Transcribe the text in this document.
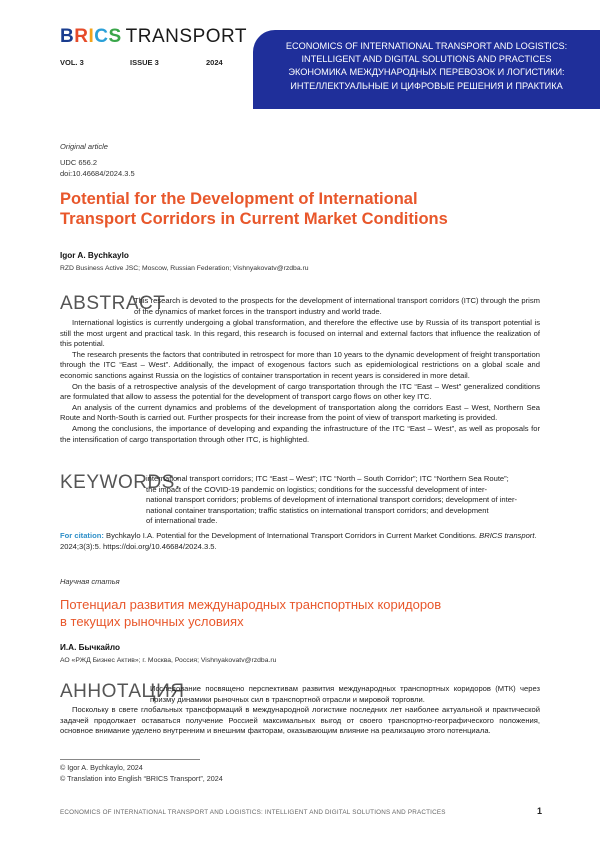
BRICS TRANSPORT
VOL. 3	ISSUE 3	2024
ECONOMICS OF INTERNATIONAL TRANSPORT AND LOGISTICS:
INTELLIGENT AND DIGITAL SOLUTIONS AND PRACTICES
ЭКОНОМИКА МЕЖДУНАРОДНЫХ ПЕРЕВОЗОК И ЛОГИСТИКИ:
ИНТЕЛЛЕКТУАЛЬНЫЕ И ЦИФРОВЫЕ РЕШЕНИЯ И ПРАКТИКА
Original article
UDC 656.2
doi:10.46684/2024.3.5
Potential for the Development of International
Transport Corridors in Current Market Conditions
Igor A. Bychkaylo
RZD Business Active JSC; Moscow, Russian Federation; Vishnyakovatv@rzdba.ru
ABSTRACT
This research is devoted to the prospects for the development of international transport corridors (ITC) through the prism of the dynamics of market forces in the transport industry and world trade.

International logistics is currently undergoing a global transformation, and therefore the effective use by Russia of its transport potential is still the most urgent and practical task. In this regard, this research is focused on internal and external factors that influence the realization of this potential.

The research presents the factors that contributed in retrospect for more than 10 years to the dynamic development of freight transportation through the ITC “East – West”. Additionally, the impact of exogenous factors such as epidemiological restrictions on a global scale and economic sanctions against Russia on the logistics of container transportation in recent years is considered in more detail.

On the basis of a retrospective analysis of the development of cargo transportation through the ITC “East – West” generalized conditions are formulated that allow to assess the potential for the development of transport cargo flows on other key ITC.

An analysis of the current dynamics and problems of the development of transportation along the corridors East – West, Northern Sea Route and North-South is carried out. Further prospects for their increase from the point of view of transport marketing is provided.

Among the conclusions, the importance of developing and expanding the infrastructure of the ITC “East – West”, as well as proposals for the intensification of cargo transportation through other ITC, is highlighted.

KEYWORDS:
international transport corridors; ITC “East – West”; ITC “North – South Corridor”; ITC “Northern Sea Route”;
the impact of the COVID-19 pandemic on logistics; conditions for the successful development of inter-
national transport corridors; problems of development of international transport corridors; development of inter-
national container transportation; traffic statistics on international transport corridors; and development
of international trade.
For citation: Bychkaylo I.A. Potential for the Development of International Transport Corridors in Current Market Conditions. BRICS transport. 2024;3(3):5. https://doi.org/10.46684/2024.3.5.
Научная статья
Потенциал развития международных транспортных коридоров
в текущих рыночных условиях
И.А. Бычкайло
АО «РЖД Бизнес Актив»; г. Москва, Россия; Vishnyakovatv@rzdba.ru
АННОТАЦИЯ
Исследование посвящено перспективам развития международных транспортных коридоров (МТК) через призму динамики рыночных сил в транспортной отрасли и мировой торговли.

Поскольку в свете глобальных трансформаций в международной логистике последних лет наиболее актуальной и практической задачей продолжает оставаться получение Россией максимальных выгод от своего транспортно-географического положения, основное внимание уделено внутренним и внешним факторам, оказывающим влияние на реализацию этого потенциала.

© Igor A. Bychkaylo, 2024
© Translation into English “BRICS Transport”, 2024
ECONOMICS OF INTERNATIONAL TRANSPORT AND LOGISTICS: INTELLIGENT AND DIGITAL SOLUTIONS AND PRACTICES	1
